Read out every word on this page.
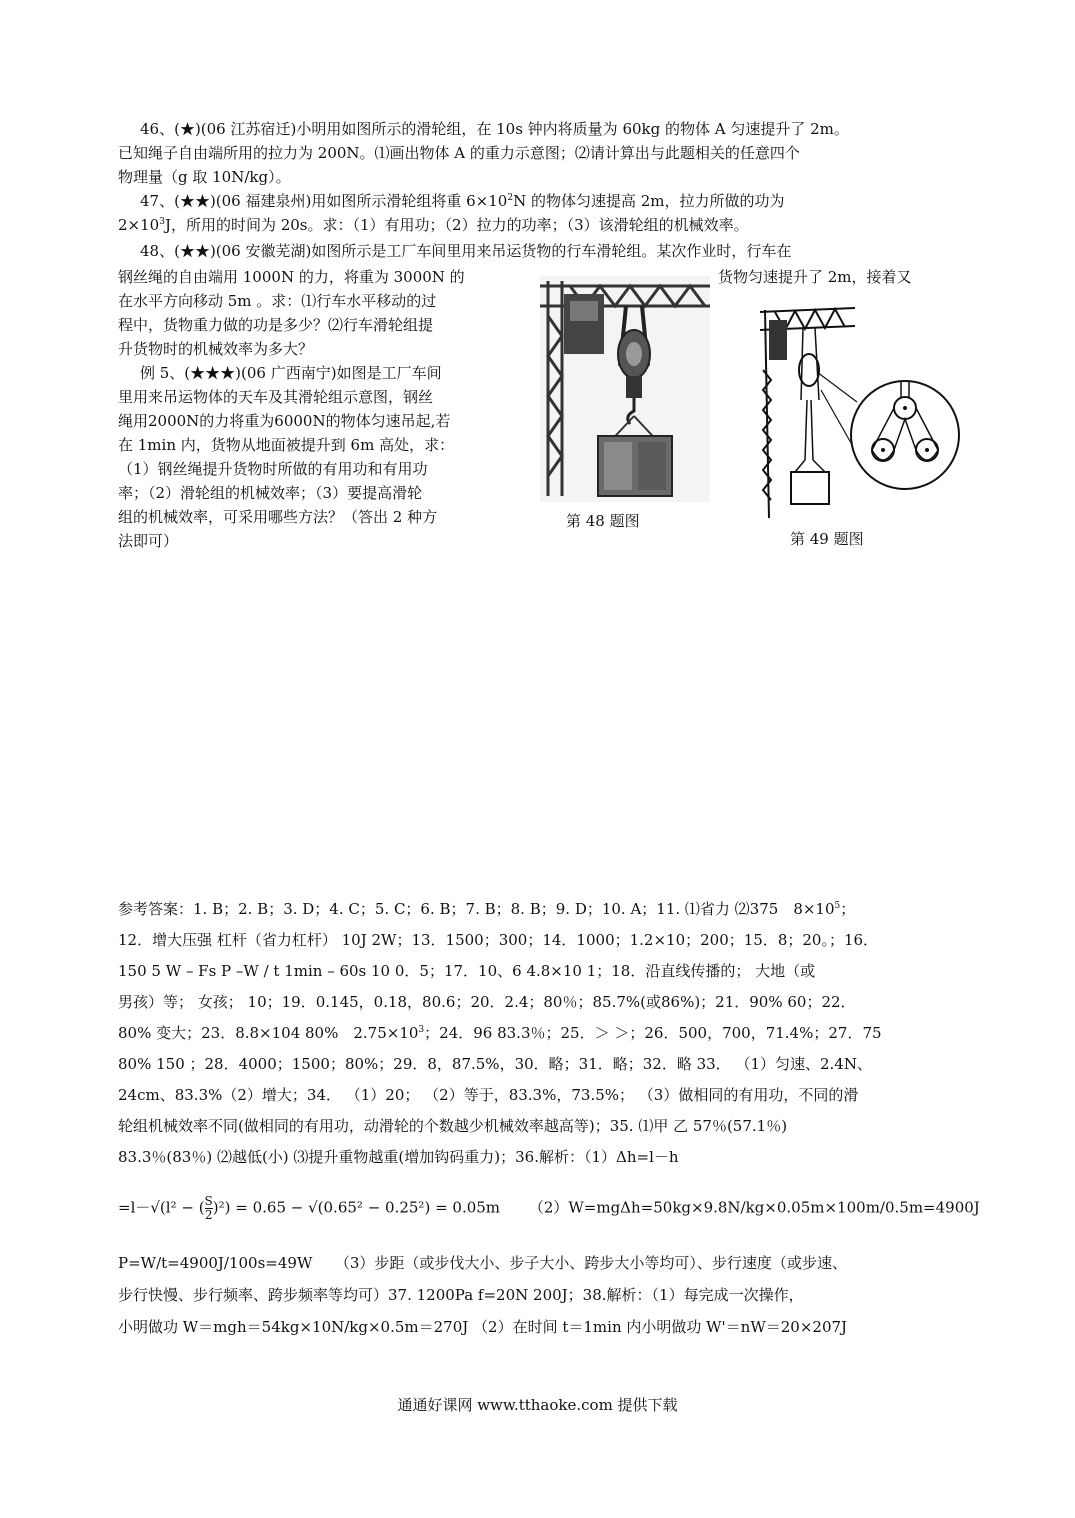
46、(★)(06 江苏宿迁)小明用如图所示的滑轮组，在 10s 钟内将质量为 60kg 的物体 A 匀速提升了 2m。
已知绳子自由端所用的拉力为 200N。⑴画出物体 A 的重力示意图；⑵请计算出与此题相关的任意四个
物理量（g 取 10N/kg）。
47、(★★)(06 福建泉州)用如图所示滑轮组将重 $6\times 10^2N$ 的物体匀速提高 2m，拉力所做的功为
$2\times 10^3J$，所用的时间为 20s。求：（1）有用功；（2）拉力的功率；（3）该滑轮组的机械效率。
48、(★★)(06 安徽芜湖)如图所示是工厂车间里用来吊运货物的行车滑轮组。某次作业时，行车在
钢丝绳的自由端用 1000N 的力，将重为 3000N 的	货物匀速提升了 2m，接着又
在水平方向移动 5m 。求：⑴行车水平移动的过
程中，货物重力做的功是多少？⑵行车滑轮组提
升货物时的机械效率为多大？
例 5、(★★★)(06 广西南宁)如图是工厂车间
里用来吊运物体的天车及其滑轮组示意图，钢丝
绳用2000N的力将重为6000N的物体匀速吊起,若
在 1min 内，货物从地面被提升到 6m 高处，求：
（1）钢丝绳提升货物时所做的有用功和有用功
率；（2）滑轮组的机械效率；（3）要提高滑轮
组的机械效率，可采用哪些方法？（答出 2 种方
法即可）
第 48 题图
第 49 题图
参考答案：1. B；2. B；3. D；4. C；5. C；6. B；7. B；8. B；9. D；10. A；11. ⑴省力 ⑵375　$8\times 10^5$；
12．增大压强 杠杆（省力杠杆） 10J 2W；13．1500；300；14．1000；1.2×10；200；15．8；20。；16．
150 5 W – Fs P –W / t 1min – 60s 10 0．5；17．10、6 4.8×10 1；18．沿直线传播的； 大地（或
男孩）等； 女孩； 10；19．0.145，0.18，80.6；20．2.4；80％；85.7%(或86%)；21．90% 60；22．
80% 变大；23．8.8×104 80%　$2.75\times 10^3$；24．96 83.3％；25．＞ ＞；26．500，700，71.4%；27．75
80% 150 ；28．4000；1500；80%；29．8，87.5%，30．略；31．略；32．略 33． （1）匀速、2.4N、
24cm、83.3%（2）增大；34． （1）20； （2）等于，83.3%，73.5%； （3）做相同的有用功，不同的滑
轮组机械效率不同(做相同的有用功，动滑轮的个数越少机械效率越高等)；35. ⑴甲 乙 57％(57.1％)
83.3％(83％) ⑵越低(小) ⑶提升重物越重(增加钩码重力)；36.解析：（1）Δh=l－h
=l－√(l² − ( $\frac{S}{2} )^2) = 0.65 - √(0.65^2 - 0.25^2) = 0.05m$ （2）W=mgΔh=50kg×9.8N/kg×0.05m×100m/0.5m=4900J
P=W/t=4900J/100s=49W　　 （3）步距（或步伐大小、步子大小、跨步大小等均可）、步行速度（或步速、
步行快慢、步行频率、跨步频率等均可）37. 1200Pa f=20N 200J；38.解析：（1）每完成一次操作，
小明做功 W＝mgh＝54kg×10N/kg×0.5m＝270J （2）在时间 t＝1min 内小明做功 W'＝nW＝20×207J
通通好课网 www.tthaoke.com 提供下载
